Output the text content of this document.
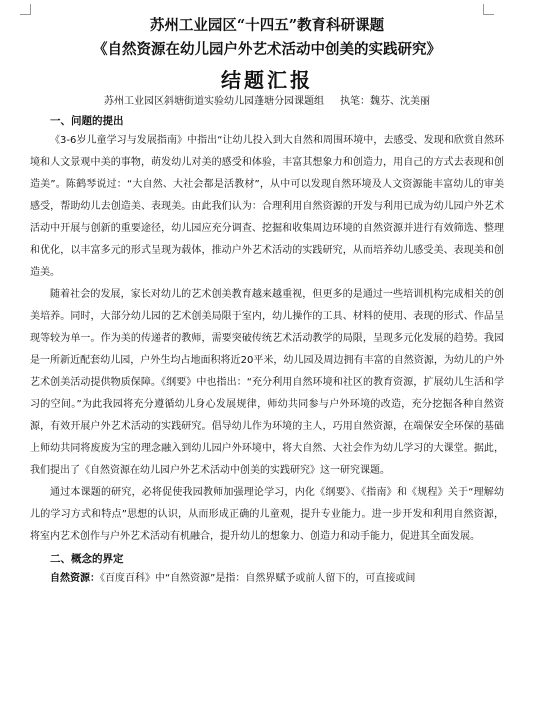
苏州工业园区“十四五”教育科研课题

《自然资源在幼儿园户外艺术活动中创美的实践研究》

结题汇报

苏州工业园区斜塘街道实验幼儿园蓬塘分园课题组 执笔：魏芬、沈美丽

一、问题的提出

《3-6岁儿童学习与发展指南》中指出“让幼儿投入到大自然和周围环境中，去感受、发现和欣赏自然环境和人文景观中美的事物，萌发幼儿对美的感受和体验，丰富其想象力和创造力，用自己的方式去表现和创造美”。陈鹤琴说过：“大自然、大社会都是活教材”，从中可以发现自然环境及人文资源能丰富幼儿的审美感受，帮助幼儿去创造美、表现美。由此我们认为：合理利用自然资源的开发与利用已成为幼儿园户外艺术活动中开展与创新的重要途径，幼儿园应充分调查、挖掘和收集周边环境的自然资源并进行有效筛选、整理和优化，以丰富多元的形式呈现为载体，推动户外艺术活动的实践研究，从而培养幼儿感受美、表现美和创造美。

随着社会的发展，家长对幼儿的艺术创美教育越来越重视，但更多的是通过一些培训机构完成相关的创美培养。同时，大部分幼儿园的艺术创美局限于室内，幼儿操作的工具、材料的使用、表现的形式、作品呈现等较为单一。作为美的传递者的教师，需要突破传统艺术活动教学的局限，呈现多元化发展的趋势。我园是一所新近配套幼儿园，户外生均占地面积将近20平米，幼儿园及周边拥有丰富的自然资源，为幼儿的户外艺术创美活动提供物质保障。《纲要》中也指出：“充分利用自然环境和社区的教育资源，扩展幼儿生活和学习的空间。”为此我园将充分遵循幼儿身心发展规律，师幼共同参与户外环境的改造，充分挖掘各种自然资源，有效开展户外艺术活动的实践研究。倡导幼儿作为环境的主人，巧用自然资源，在端保安全环保的基础上师幼共同将废废为宝的理念融入到幼儿园户外环境中，将大自然、大社会作为幼儿学习的大课堂。据此，我们提出了《自然资源在幼儿园户外艺术活动中创美的实践研究》这一研究课题。

通过本课题的研究，必将促使我园教师加强理论学习，内化《纲要》、《指南》和《规程》关于“理解幼儿的学习方式和特点”思想的认识，从而形成正确的儿童观，提升专业能力。进一步开发和利用自然资源，将室内艺术创作与户外艺术活动有机融合，提升幼儿的想象力、创造力和动手能力，促进其全面发展。

二、概念的界定

自然资源：《百度百科》中“自然资源”是指：自然界赋予或前人留下的，可直接或间
